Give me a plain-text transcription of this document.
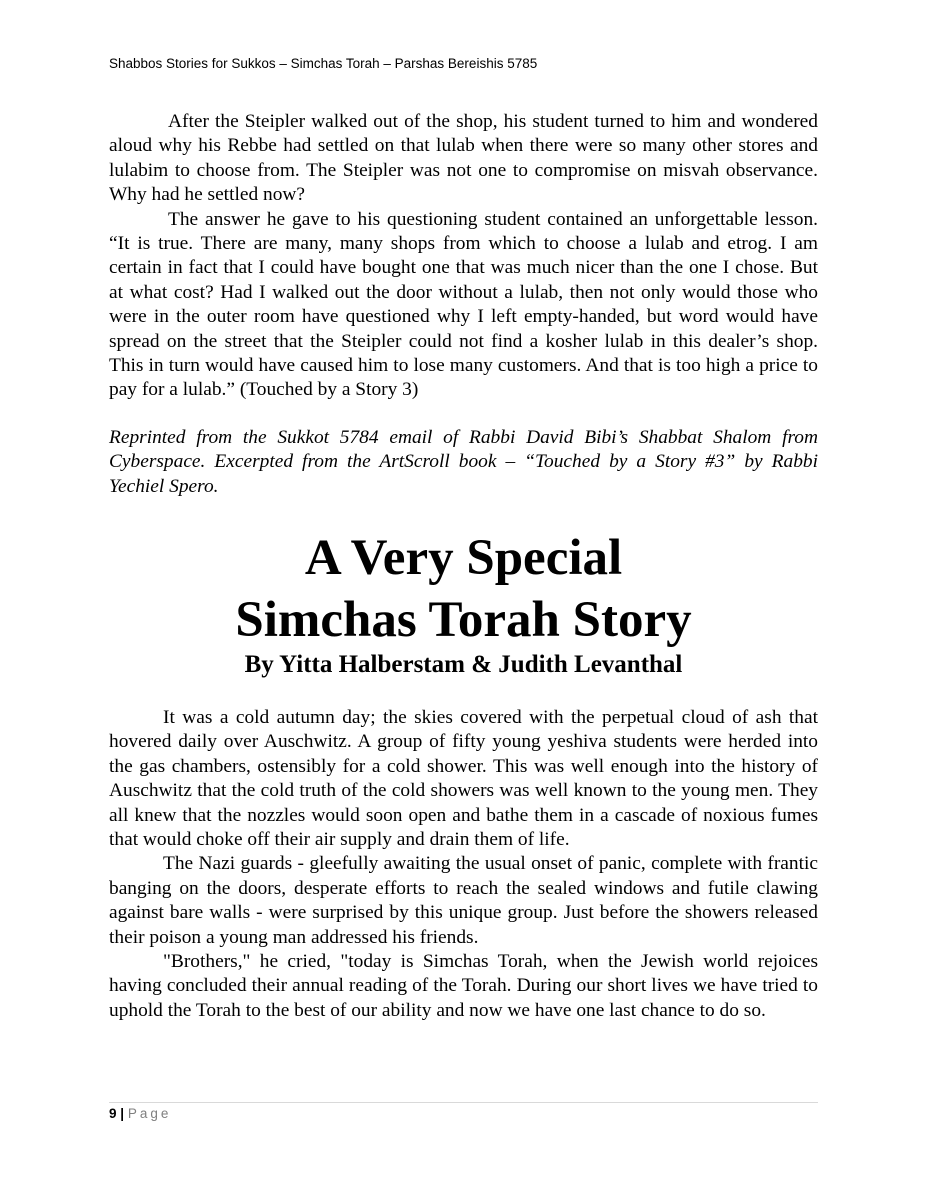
Shabbos Stories for Sukkos – Simchas Torah – Parshas Bereishis 5785

After the Steipler walked out of the shop, his student turned to him and wondered aloud why his Rebbe had settled on that lulab when there were so many other stores and lulabim to choose from. The Steipler was not one to compromise on misvah observance. Why had he settled now?

The answer he gave to his questioning student contained an unforgettable lesson. “It is true. There are many, many shops from which to choose a lulab and etrog. I am certain in fact that I could have bought one that was much nicer than the one I chose. But at what cost? Had I walked out the door without a lulab, then not only would those who were in the outer room have questioned why I left empty-handed, but word would have spread on the street that the Steipler could not find a kosher lulab in this dealer’s shop. This in turn would have caused him to lose many customers. And that is too high a price to pay for a lulab.” (Touched by a Story 3)

Reprinted from the Sukkot 5784 email of Rabbi David Bibi’s Shabbat Shalom from Cyberspace. Excerpted from the ArtScroll book – “Touched by a Story #3” by Rabbi Yechiel Spero.

A Very Special
Simchas Torah Story
By Yitta Halberstam & Judith Levanthal

It was a cold autumn day; the skies covered with the perpetual cloud of ash that hovered daily over Auschwitz. A group of fifty young yeshiva students were herded into the gas chambers, ostensibly for a cold shower. This was well enough into the history of Auschwitz that the cold truth of the cold showers was well known to the young men. They all knew that the nozzles would soon open and bathe them in a cascade of noxious fumes that would choke off their air supply and drain them of life.

The Nazi guards - gleefully awaiting the usual onset of panic, complete with frantic banging on the doors, desperate efforts to reach the sealed windows and futile clawing against bare walls - were surprised by this unique group. Just before the showers released their poison a young man addressed his friends.

"Brothers," he cried, "today is Simchas Torah, when the Jewish world rejoices having concluded their annual reading of the Torah. During our short lives we have tried to uphold the Torah to the best of our ability and now we have one last chance to do so.

9 | Page
